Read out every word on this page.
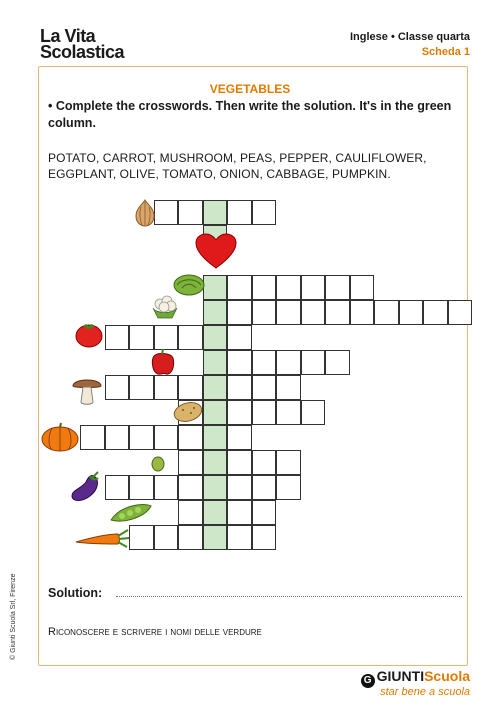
La Vita
Scolastica
Inglese • Classe quarta
Scheda 1
VEGETABLES
• Complete the crosswords. Then write the solution. It's in the green column.
POTATO, CARROT, MUSHROOM, PEAS, PEPPER, CAULIFLOWER, EGGPLANT, OLIVE, TOMATO, ONION, CABBAGE, PUMPKIN.
Solution:
Riconoscere e scrivere i nomi delle verdure
© Giunti Scuola Srl, Firenze
G GIUNTIScuola
star bene a scuola
